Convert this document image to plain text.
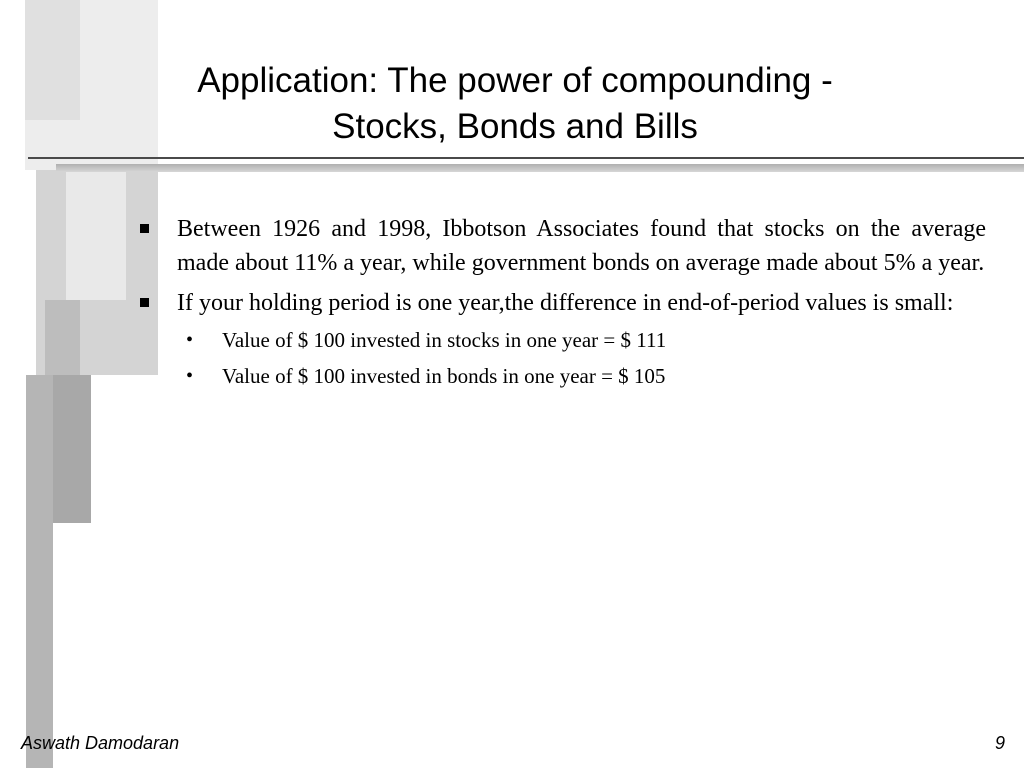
Application: The power of compounding -
Stocks, Bonds and Bills
Between 1926 and 1998, Ibbotson Associates found that stocks on the average made about 11% a year, while government bonds on average made about 5% a year.
If your holding period is one year,the difference in end-of-period values is small:
• Value of $ 100 invested in stocks in one year = $ 111
• Value of $ 100 invested in bonds in one year = $ 105
Aswath Damodaran	9
